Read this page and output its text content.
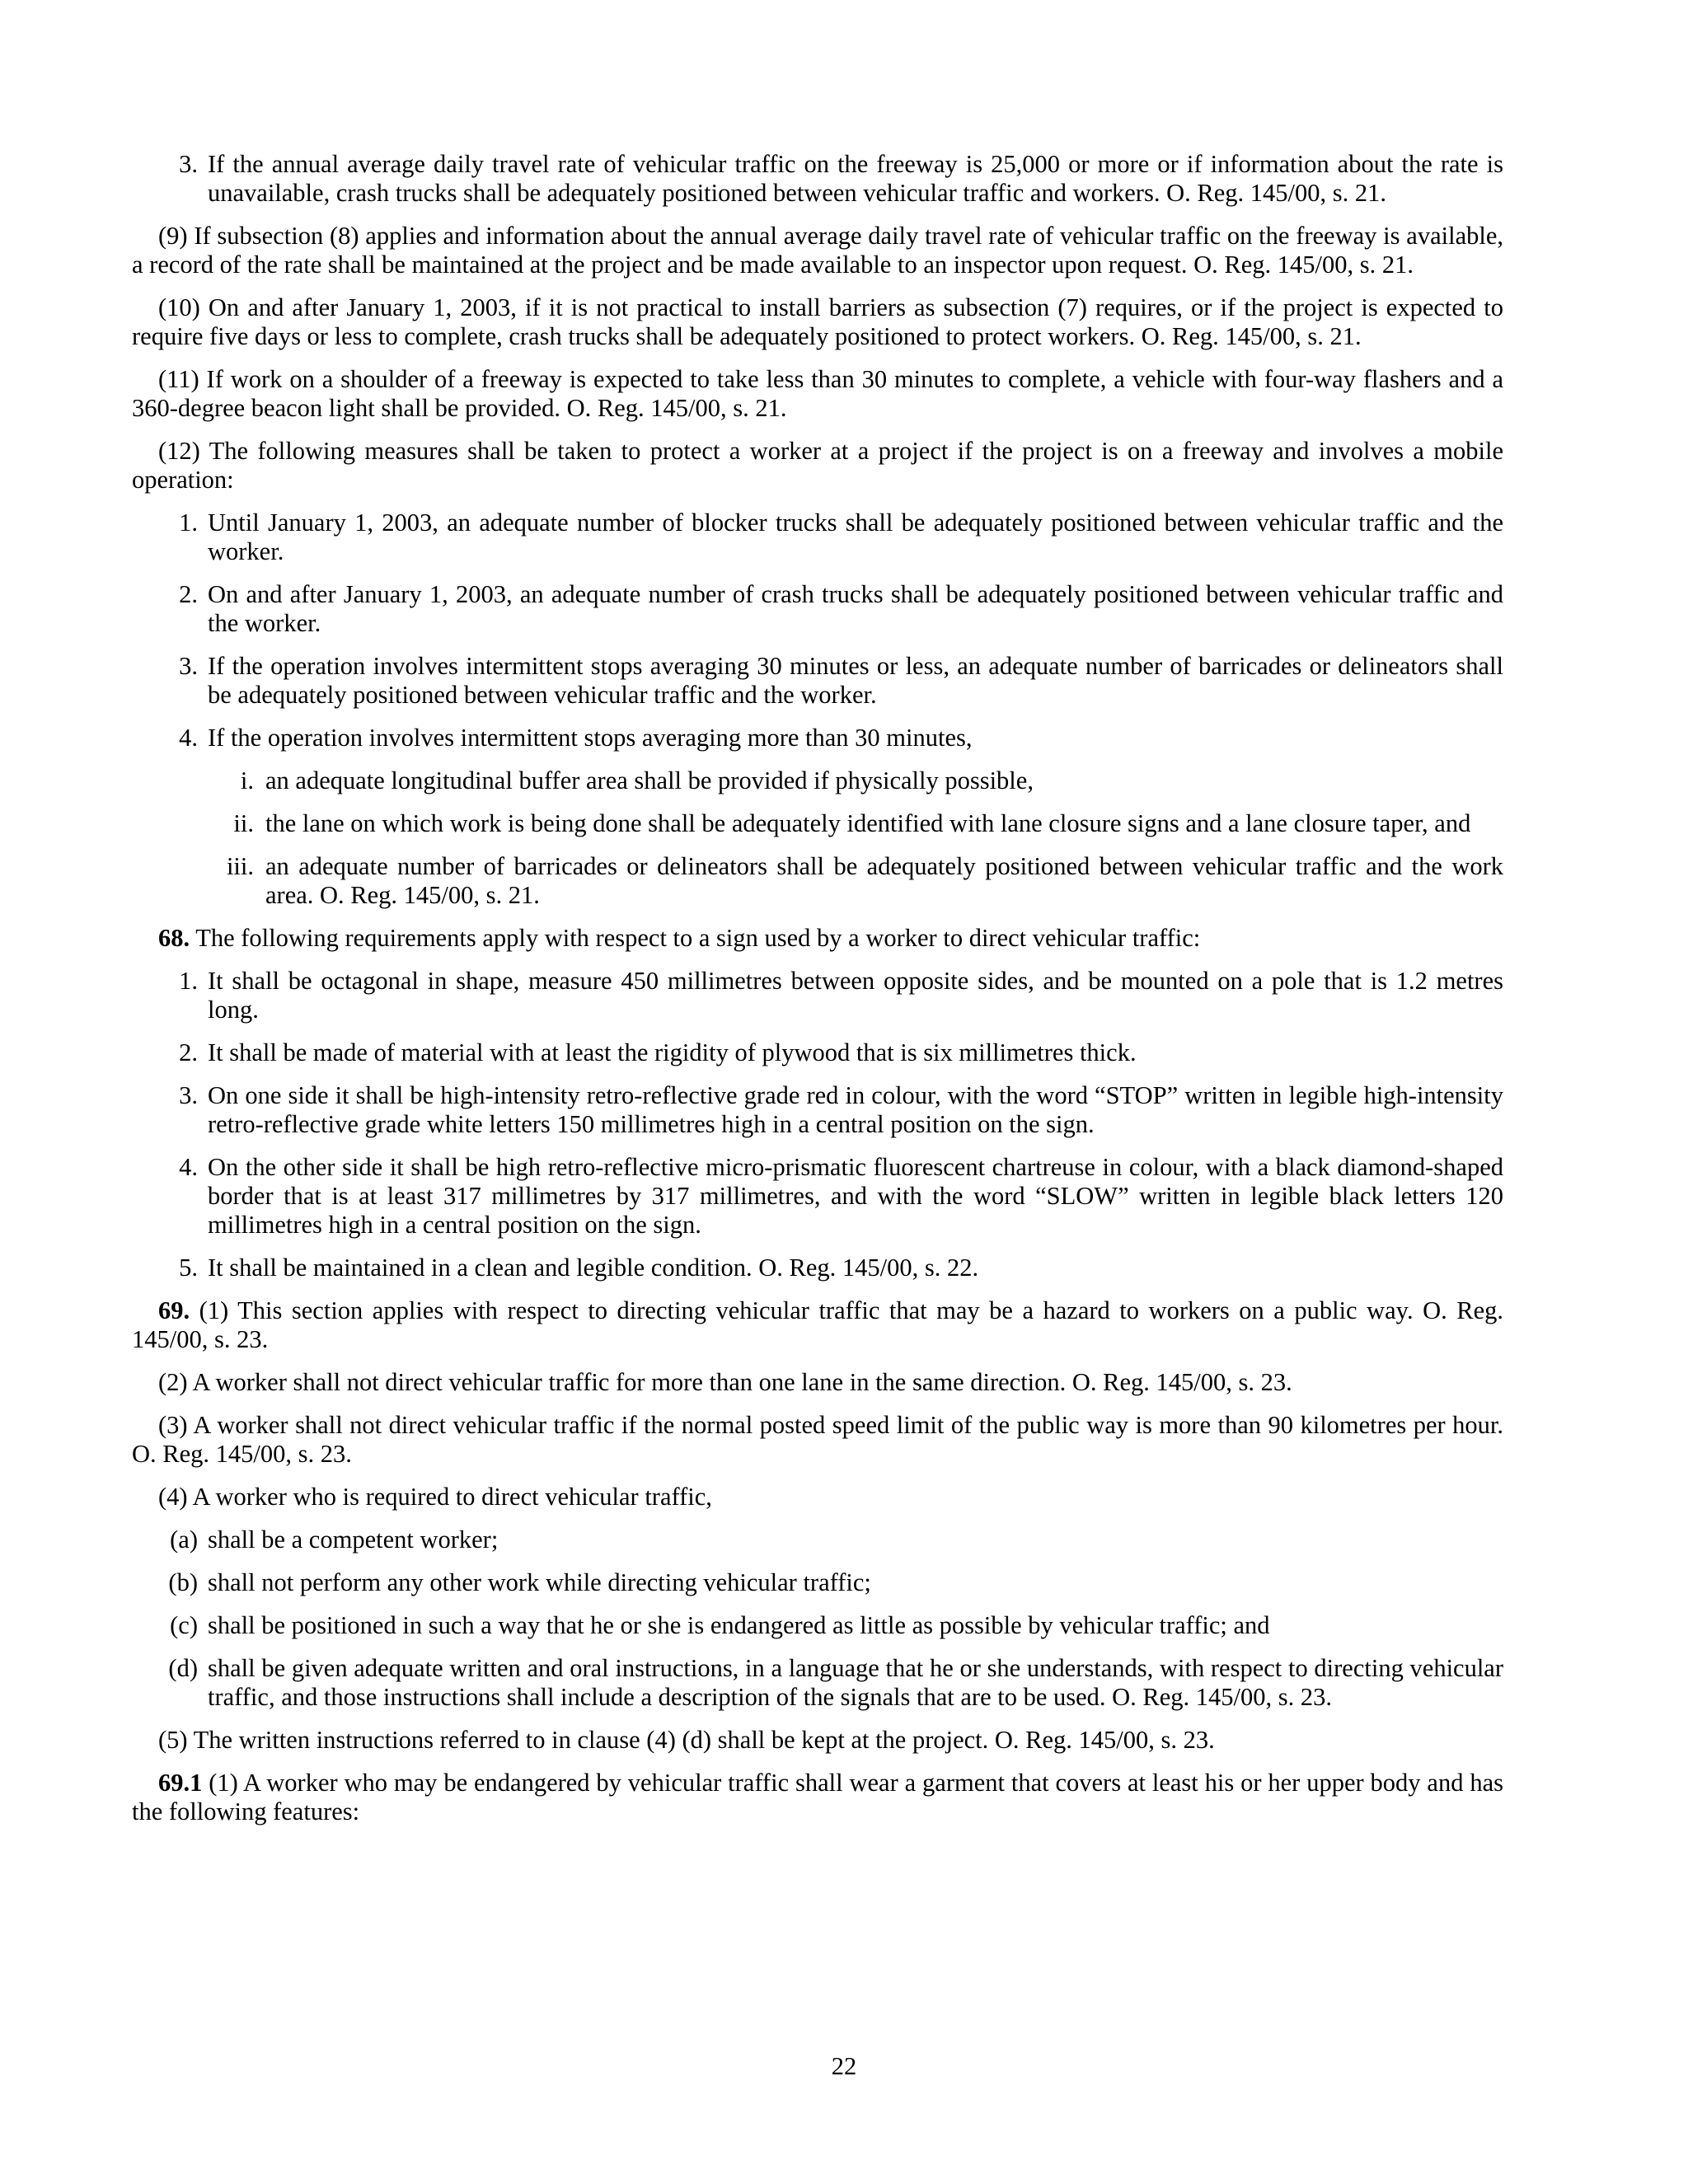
3. If the annual average daily travel rate of vehicular traffic on the freeway is 25,000 or more or if information about the rate is unavailable, crash trucks shall be adequately positioned between vehicular traffic and workers. O. Reg. 145/00, s. 21.
(9) If subsection (8) applies and information about the annual average daily travel rate of vehicular traffic on the freeway is available, a record of the rate shall be maintained at the project and be made available to an inspector upon request. O. Reg. 145/00, s. 21.
(10) On and after January 1, 2003, if it is not practical to install barriers as subsection (7) requires, or if the project is expected to require five days or less to complete, crash trucks shall be adequately positioned to protect workers. O. Reg. 145/00, s. 21.
(11) If work on a shoulder of a freeway is expected to take less than 30 minutes to complete, a vehicle with four-way flashers and a 360-degree beacon light shall be provided. O. Reg. 145/00, s. 21.
(12) The following measures shall be taken to protect a worker at a project if the project is on a freeway and involves a mobile operation:
1. Until January 1, 2003, an adequate number of blocker trucks shall be adequately positioned between vehicular traffic and the worker.
2. On and after January 1, 2003, an adequate number of crash trucks shall be adequately positioned between vehicular traffic and the worker.
3. If the operation involves intermittent stops averaging 30 minutes or less, an adequate number of barricades or delineators shall be adequately positioned between vehicular traffic and the worker.
4. If the operation involves intermittent stops averaging more than 30 minutes,
i. an adequate longitudinal buffer area shall be provided if physically possible,
ii. the lane on which work is being done shall be adequately identified with lane closure signs and a lane closure taper, and
iii. an adequate number of barricades or delineators shall be adequately positioned between vehicular traffic and the work area. O. Reg. 145/00, s. 21.
68. The following requirements apply with respect to a sign used by a worker to direct vehicular traffic:
1. It shall be octagonal in shape, measure 450 millimetres between opposite sides, and be mounted on a pole that is 1.2 metres long.
2. It shall be made of material with at least the rigidity of plywood that is six millimetres thick.
3. On one side it shall be high-intensity retro-reflective grade red in colour, with the word “STOP” written in legible high-intensity retro-reflective grade white letters 150 millimetres high in a central position on the sign.
4. On the other side it shall be high retro-reflective micro-prismatic fluorescent chartreuse in colour, with a black diamond-shaped border that is at least 317 millimetres by 317 millimetres, and with the word “SLOW” written in legible black letters 120 millimetres high in a central position on the sign.
5. It shall be maintained in a clean and legible condition. O. Reg. 145/00, s. 22.
69. (1) This section applies with respect to directing vehicular traffic that may be a hazard to workers on a public way. O. Reg. 145/00, s. 23.
(2) A worker shall not direct vehicular traffic for more than one lane in the same direction. O. Reg. 145/00, s. 23.
(3) A worker shall not direct vehicular traffic if the normal posted speed limit of the public way is more than 90 kilometres per hour. O. Reg. 145/00, s. 23.
(4) A worker who is required to direct vehicular traffic,
(a) shall be a competent worker;
(b) shall not perform any other work while directing vehicular traffic;
(c) shall be positioned in such a way that he or she is endangered as little as possible by vehicular traffic; and
(d) shall be given adequate written and oral instructions, in a language that he or she understands, with respect to directing vehicular traffic, and those instructions shall include a description of the signals that are to be used. O. Reg. 145/00, s. 23.
(5) The written instructions referred to in clause (4) (d) shall be kept at the project. O. Reg. 145/00, s. 23.
69.1 (1) A worker who may be endangered by vehicular traffic shall wear a garment that covers at least his or her upper body and has the following features:
22
